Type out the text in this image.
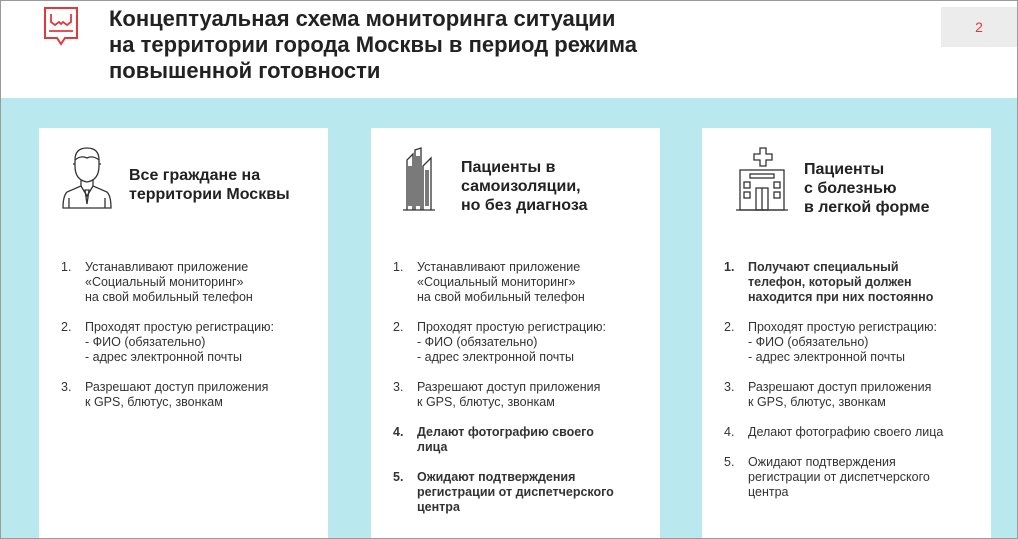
Концептуальная схема мониторинга ситуации
на территории города Москвы в период режима
повышенной готовности
2
Все граждане на
территории Москвы
1. Устанавливают приложение
«Социальный мониторинг»
на свой мобильный телефон
2. Проходят простую регистрацию:
- ФИО (обязательно)
- адрес электронной почты
3. Разрешают доступ приложения
к GPS, блютус, звонкам
Пациенты в
самоизоляции,
но без диагноза
1. Устанавливают приложение
«Социальный мониторинг»
на свой мобильный телефон
2. Проходят простую регистрацию:
- ФИО (обязательно)
- адрес электронной почты
3. Разрешают доступ приложения
к GPS, блютус, звонкам
4. Делают фотографию своего
лица
5. Ожидают подтверждения
регистрации от диспетчерского
центра
Пациенты
с болезнью
в легкой форме
1. Получают специальный
телефон, который должен
находится при них постоянно
2. Проходят простую регистрацию:
- ФИО (обязательно)
- адрес электронной почты
3. Разрешают доступ приложения
к GPS, блютус, звонкам
4. Делают фотографию своего лица
5. Ожидают подтверждения
регистрации от диспетчерского
центра
